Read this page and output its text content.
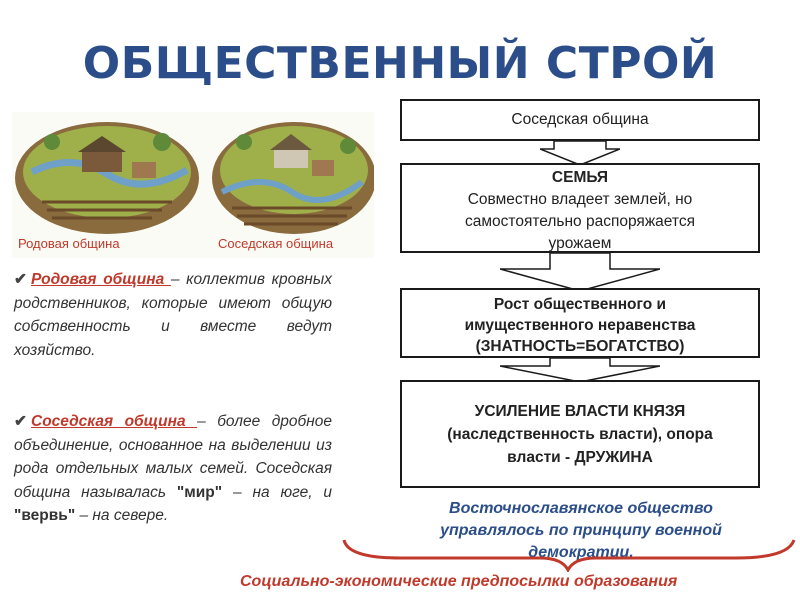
ОБЩЕСТВЕННЫЙ СТРОЙ
Родовая община	Соседская община
✔ Родовая община – коллектив кровных родственников, которые имеют общую собственность и вместе ведут хозяйство.
✔ Соседская община – более дробное объединение, основанное на выделении из рода отдельных малых семей. Соседская община называлась "мир" – на юге, и "вервь" – на севере.
Соседская община
СЕМЬЯ
Совместно владеет землей, но
самостоятельно распоряжается
урожаем
Рост общественного и
имущественного неравенства
(ЗНАТНОСТЬ=БОГАТСТВО)
УСИЛЕНИЕ ВЛАСТИ КНЯЗЯ
(наследственность власти), опора
власти - ДРУЖИНА
Восточнославянское общество
управлялось по принципу военной
демократии.
Социально-экономические предпосылки образования
